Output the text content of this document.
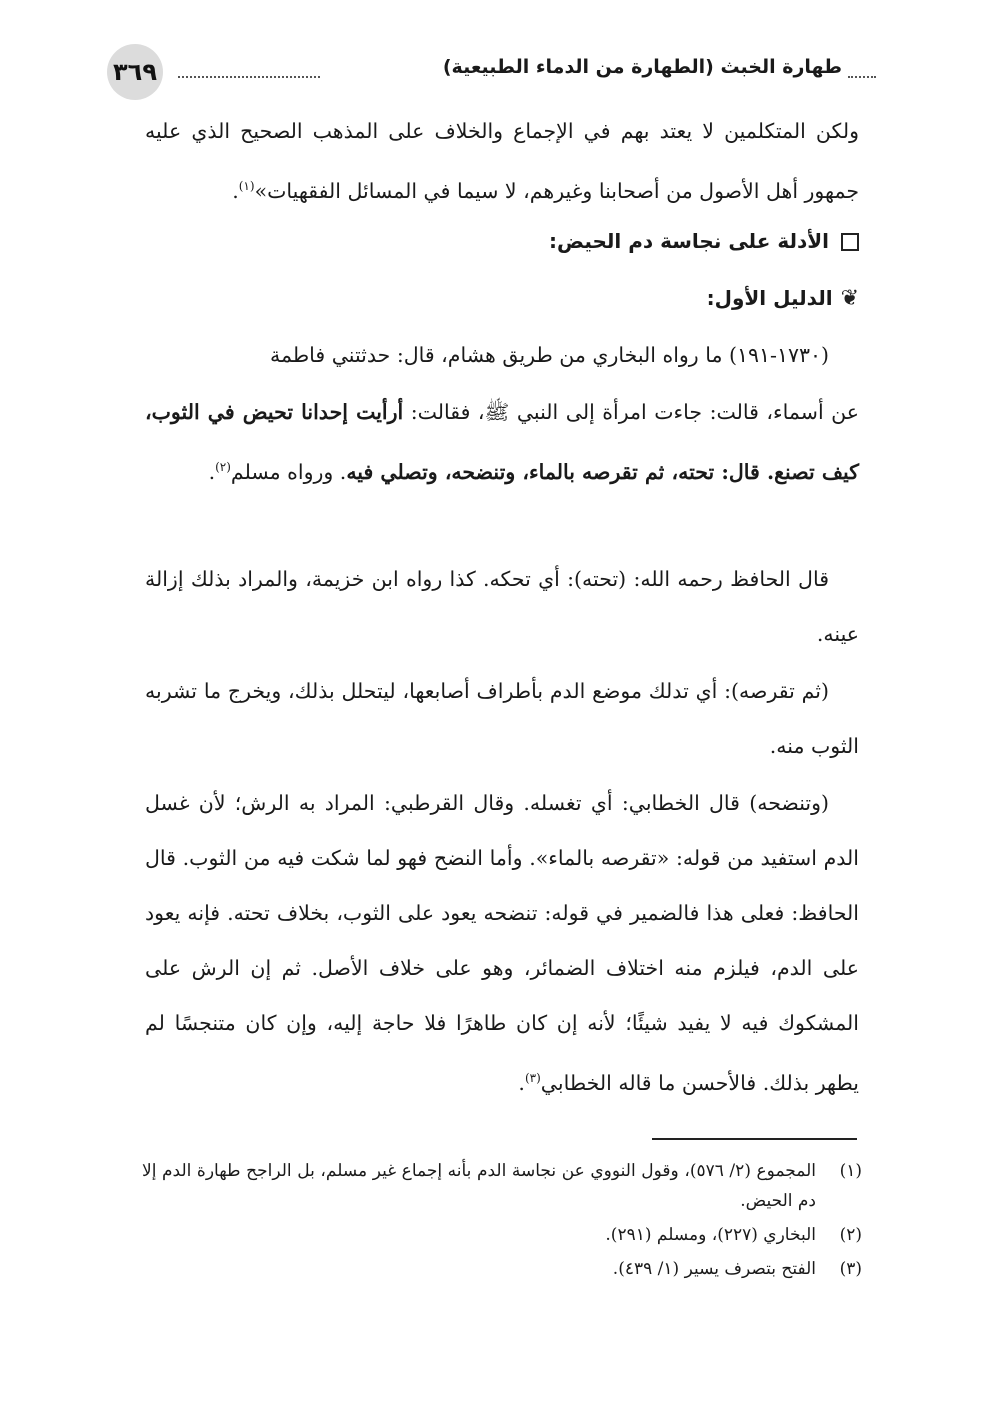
٣٦٩	طهارة الخبث (الطهارة من الدماء الطبيعية)
ولكن المتكلمين لا يعتد بهم في الإجماع والخلاف على المذهب الصحيح الذي عليه جمهور أهل الأصول من أصحابنا وغيرهم، لا سيما في المسائل الفقهيات»$^{(١)}$.
الأدلة على نجاسة دم الحيض:
❦
الدليل الأول:
(١٧٣٠-١٩١) ما رواه البخاري من طريق هشام، قال: حدثتني فاطمة
عن أسماء، قالت: جاءت امرأة إلى النبي ﷺ، فقالت: أرأيت إحدانا تحيض في الثوب، كيف تصنع. قال: تحته، ثم تقرصه بالماء، وتنضحه، وتصلي فيه. ورواه مسلم$^{(٢)}$.
قال الحافظ رحمه الله: (تحته): أي تحكه. كذا رواه ابن خزيمة، والمراد بذلك إزالة عينه.
(ثم تقرصه): أي تدلك موضع الدم بأطراف أصابعها، ليتحلل بذلك، ويخرج ما تشربه الثوب منه.
(وتنضحه) قال الخطابي: أي تغسله. وقال القرطبي: المراد به الرش؛ لأن غسل الدم استفيد من قوله: «تقرصه بالماء». وأما النضح فهو لما شكت فيه من الثوب. قال الحافظ: فعلى هذا فالضمير في قوله: تنضحه يعود على الثوب، بخلاف تحته. فإنه يعود على الدم، فيلزم منه اختلاف الضمائر، وهو على خلاف الأصل. ثم إن الرش على المشكوك فيه لا يفيد شيئًا؛ لأنه إن كان طاهرًا فلا حاجة إليه، وإن كان متنجسًا لم يطهر بذلك. فالأحسن ما قاله الخطابي$^{(٣)}$.
(١)
المجموع (٢/ ٥٧٦)، وقول النووي عن نجاسة الدم بأنه إجماع غير مسلم، بل الراجح طهارة الدم إلا دم الحيض.
(٢)
البخاري (٢٢٧)، ومسلم (٢٩١).
(٣)
الفتح بتصرف يسير (١/ ٤٣٩).
